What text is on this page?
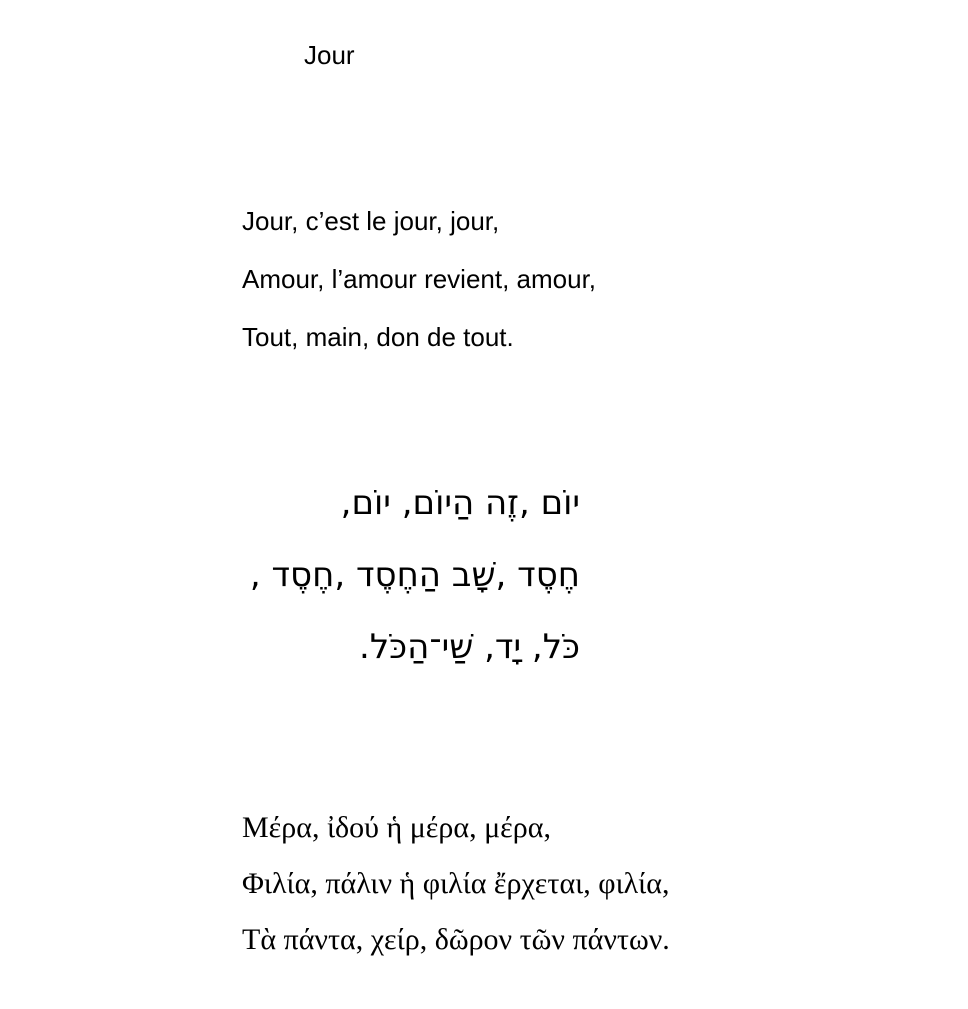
Jour
Jour, c’est le jour, jour,
Amour, l’amour revient, amour,
Tout, main, don de tout.
יוֹם ,זֶה הַיוֹם, יוֹם,
חֶסֶד ,שָׁב הַחֶסֶד ,חֶסֶד ,
כֹּל, יָד, שַׁי־הַכֹּל.
Μέρα, ἰδού ἡ μέρα, μέρα,
Φιλία, πάλιν ἡ φιλία ἔρχεται, φιλία,
Τὰ πάντα, χείρ, δῶρον τῶν πάντων.
